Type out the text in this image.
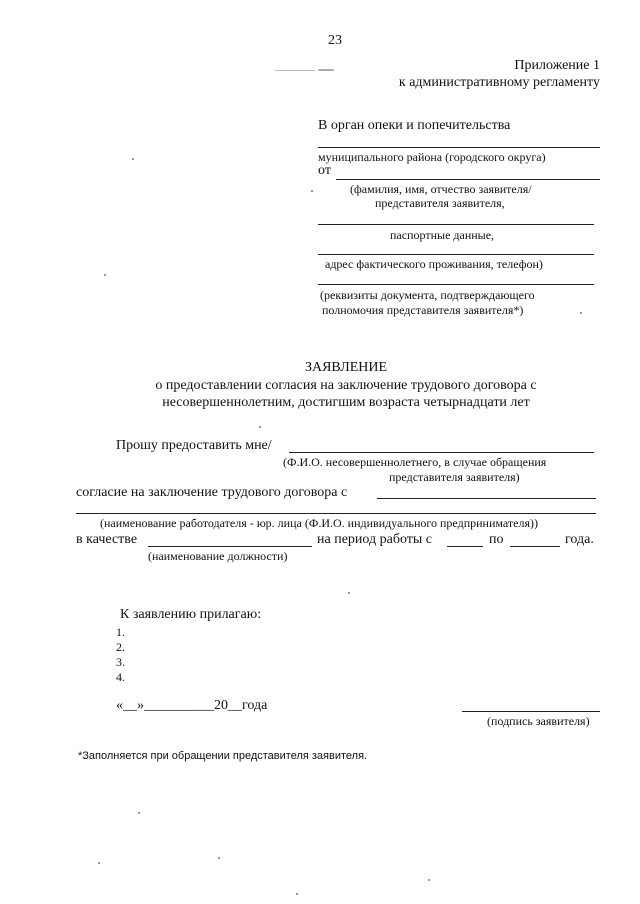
23
Приложение 1
к административному регламенту
В орган опеки и попечительства
муниципального района (городского округа)
от
(фамилия, имя, отчество заявителя/
представителя заявителя,
паспортные данные,
адрес фактического проживания, телефон)
(реквизиты документа, подтверждающего
полномочия представителя заявителя*)
ЗАЯВЛЕНИЕ
о предоставлении согласия на заключение трудового договора с
несовершеннолетним, достигшим возраста четырнадцати лет
Прошу предоставить мне/
(Ф.И.О. несовершеннолетнего, в случае обращения
представителя заявителя)
согласие на заключение трудового договора с
(наименование работодателя - юр. лица (Ф.И.О. индивидуального предпринимателя))
в качестве	на период работы с	по	года.
(наименование должности)
К заявлению прилагаю:
1.
2.
3.
4.
«__»__________20__года
(подпись заявителя)
*Заполняется при обращении представителя заявителя.
